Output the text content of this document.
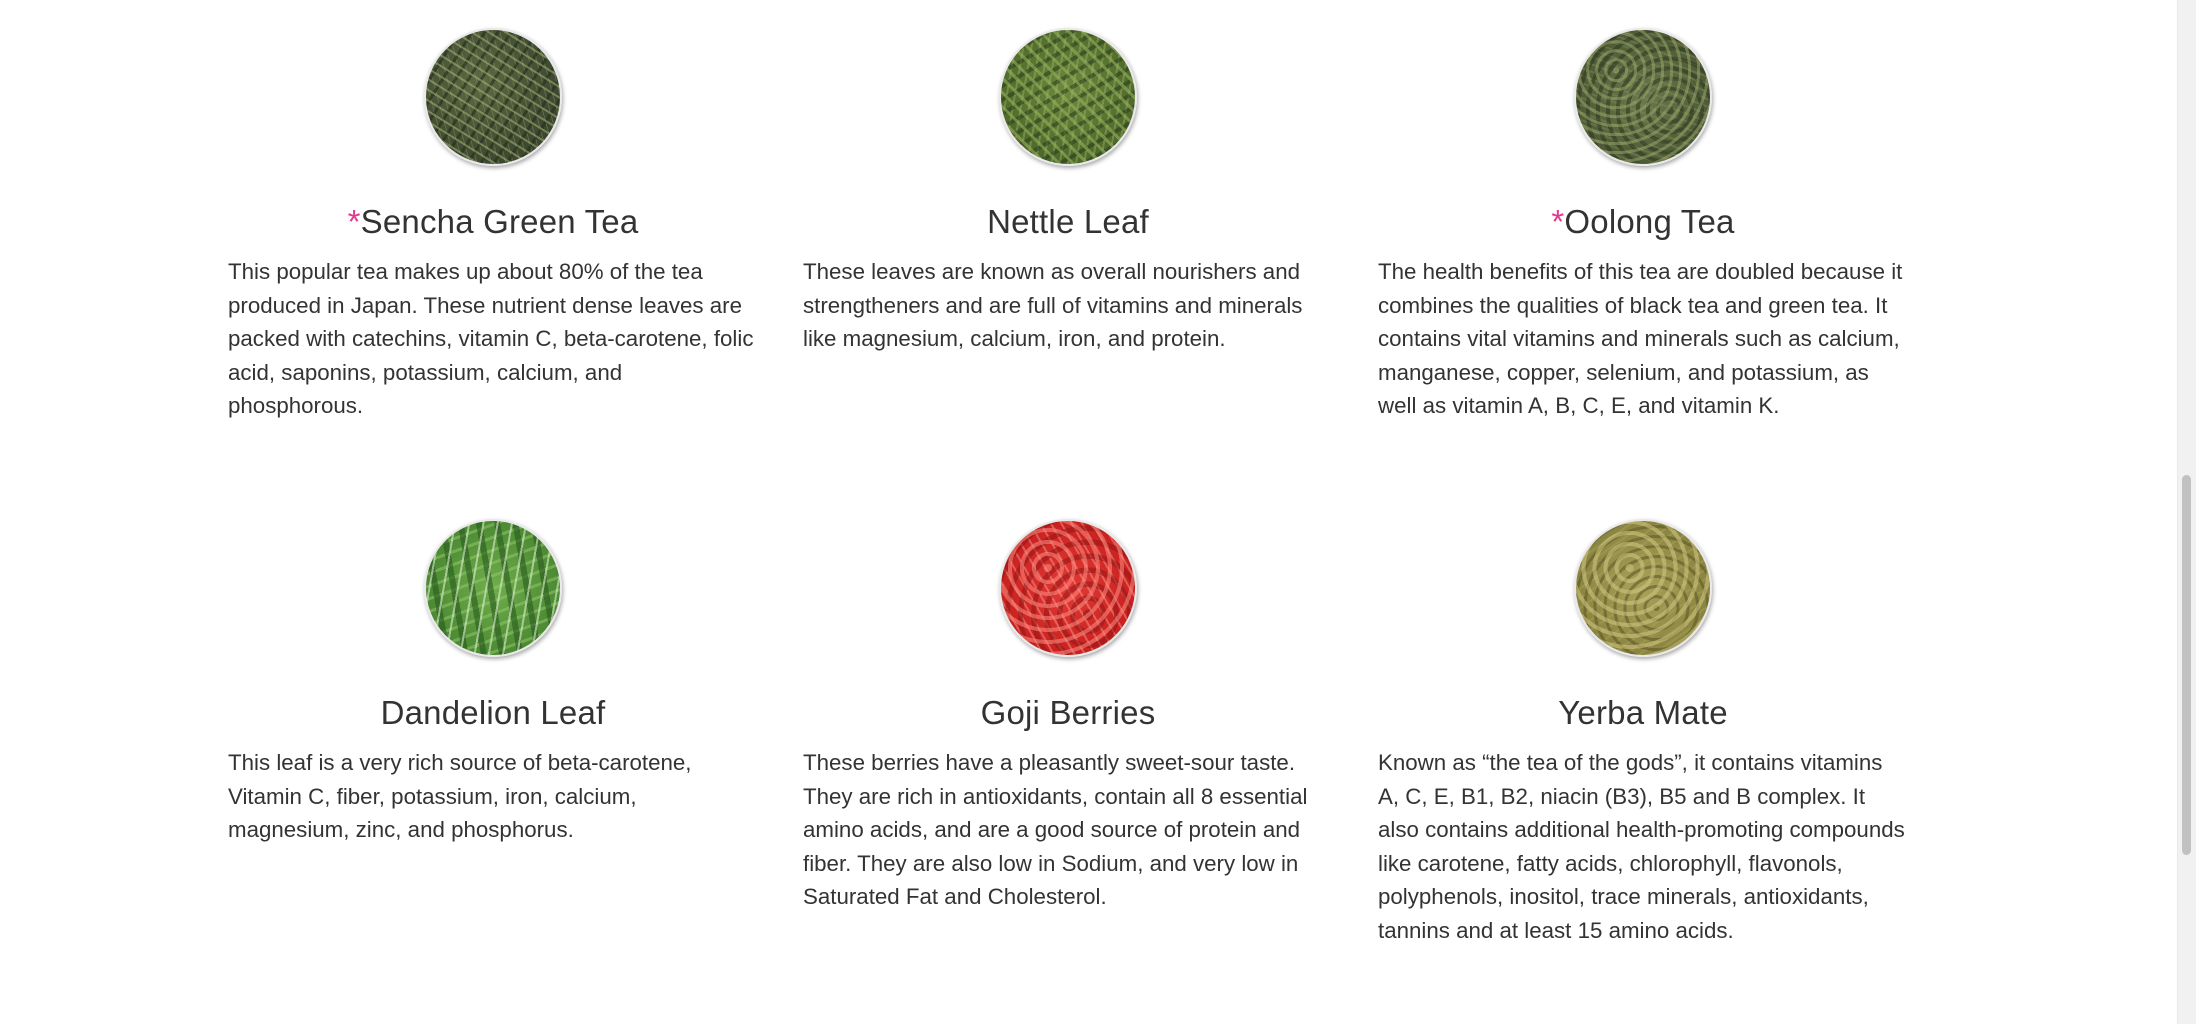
*Sencha Green Tea

This popular tea makes up about 80% of the tea produced in Japan. These nutrient dense leaves are packed with catechins, vitamin C, beta-carotene, folic acid, saponins, potassium, calcium, and phosphorous.

Nettle Leaf

These leaves are known as overall nourishers and strengtheners and are full of vitamins and minerals like magnesium, calcium, iron, and protein.

*Oolong Tea

The health benefits of this tea are doubled because it combines the qualities of black tea and green tea. It contains vital vitamins and minerals such as calcium, manganese, copper, selenium, and potassium, as well as vitamin A, B, C, E, and vitamin K.

Dandelion Leaf

This leaf is a very rich source of beta-carotene, Vitamin C, fiber, potassium, iron, calcium, magnesium, zinc, and phosphorus.

Goji Berries

These berries have a pleasantly sweet-sour taste. They are rich in antioxidants, contain all 8 essential amino acids, and are a good source of protein and fiber. They are also low in Sodium, and very low in Saturated Fat and Cholesterol.

Yerba Mate

Known as “the tea of the gods”, it contains vitamins A, C, E, B1, B2, niacin (B3), B5 and B complex. It also contains additional health-promoting compounds like carotene, fatty acids, chlorophyll, flavonols, polyphenols, inositol, trace minerals, antioxidants, tannins and at least 15 amino acids.
